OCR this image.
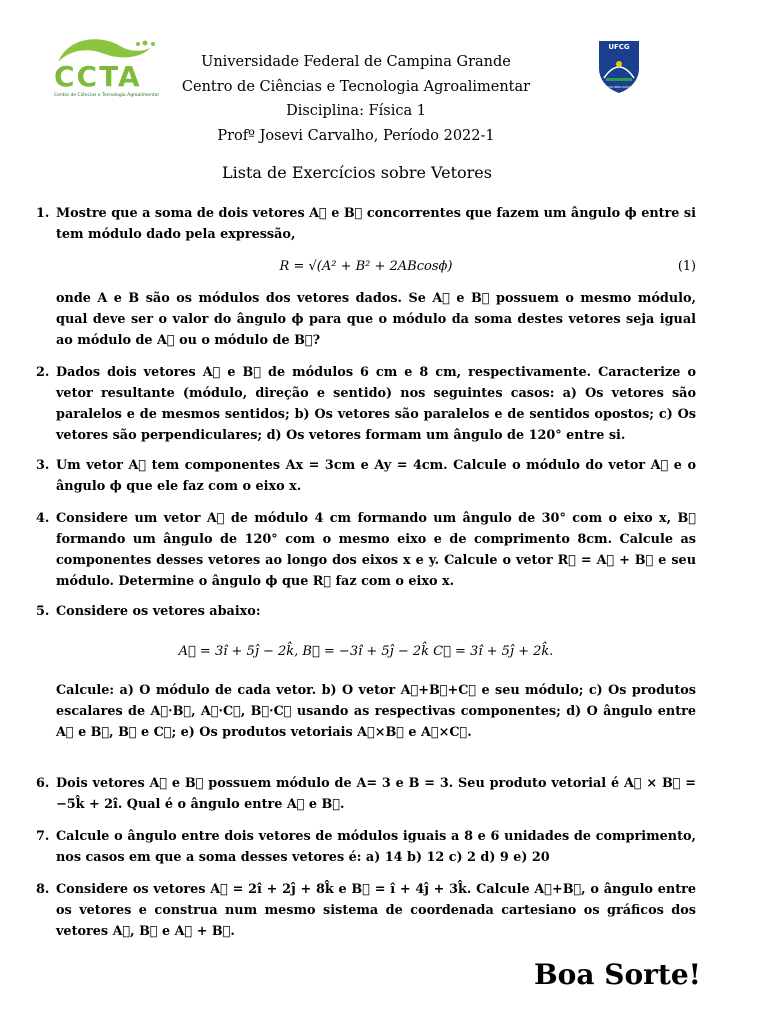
CCTA
Centro de Ciências e Tecnologia Agroalimentar
UFCG
ALMA MINHA SÓLIDA
Universidade Federal de Campina Grande
Centro de Ciências e Tecnologia Agroalimentar
Disciplina: Física 1
Profº Josevi Carvalho, Período 2022-1
Lista de Exercícios sobre Vetores
1. Mostre que a soma de dois vetores A⃗ e B⃗ concorrentes que fazem um ângulo ϕ entre si tem módulo dado pela expressão,
R = √(A² + B² + 2ABcosϕ)	(1)
onde A e B são os módulos dos vetores dados. Se A⃗ e B⃗ possuem o mesmo módulo, qual deve ser o valor do ângulo ϕ para que o módulo da soma destes vetores seja igual ao módulo de A⃗ ou o módulo de B⃗?
2. Dados dois vetores A⃗ e B⃗ de módulos 6 cm e 8 cm, respectivamente. Caracterize o vetor resultante (módulo, direção e sentido) nos seguintes casos: a) Os vetores são paralelos e de mesmos sentidos; b) Os vetores são paralelos e de sentidos opostos; c) Os vetores são perpendiculares; d) Os vetores formam um ângulo de 120° entre si.
3. Um vetor A⃗ tem componentes Ax = 3cm e Ay = 4cm. Calcule o módulo do vetor A⃗ e o ângulo ϕ que ele faz com o eixo x.
4. Considere um vetor A⃗ de módulo 4 cm formando um ângulo de 30° com o eixo x, B⃗ formando um ângulo de 120° com o mesmo eixo e de comprimento 8cm. Calcule as componentes desses vetores ao longo dos eixos x e y. Calcule o vetor R⃗ = A⃗ + B⃗ e seu módulo. Determine o ângulo ϕ que R⃗ faz com o eixo x.
5. Considere os vetores abaixo:
A⃗ = 3î + 5ĵ − 2k̂, B⃗ = −3î + 5ĵ − 2k̂ C⃗ = 3î + 5ĵ + 2k̂.
Calcule: a) O módulo de cada vetor. b) O vetor A⃗+B⃗+C⃗ e seu módulo; c) Os produtos escalares de A⃗·B⃗, A⃗·C⃗, B⃗·C⃗ usando as respectivas componentes; d) O ângulo entre A⃗ e B⃗, B⃗ e C⃗; e) Os produtos vetoriais A⃗×B⃗ e A⃗×C⃗.
6. Dois vetores A⃗ e B⃗ possuem módulo de A= 3 e B = 3. Seu produto vetorial é A⃗ × B⃗ = −5k̂ + 2î. Qual é o ângulo entre A⃗ e B⃗.
7. Calcule o ângulo entre dois vetores de módulos iguais a 8 e 6 unidades de comprimento, nos casos em que a soma desses vetores é: a) 14 b) 12 c) 2 d) 9 e) 20
8. Considere os vetores A⃗ = 2î + 2ĵ + 8k̂ e B⃗ = î + 4ĵ + 3k̂. Calcule A⃗+B⃗, o ângulo entre os vetores e construa num mesmo sistema de coordenada cartesiano os gráficos dos vetores A⃗, B⃗ e A⃗ + B⃗.
Boa Sorte!
